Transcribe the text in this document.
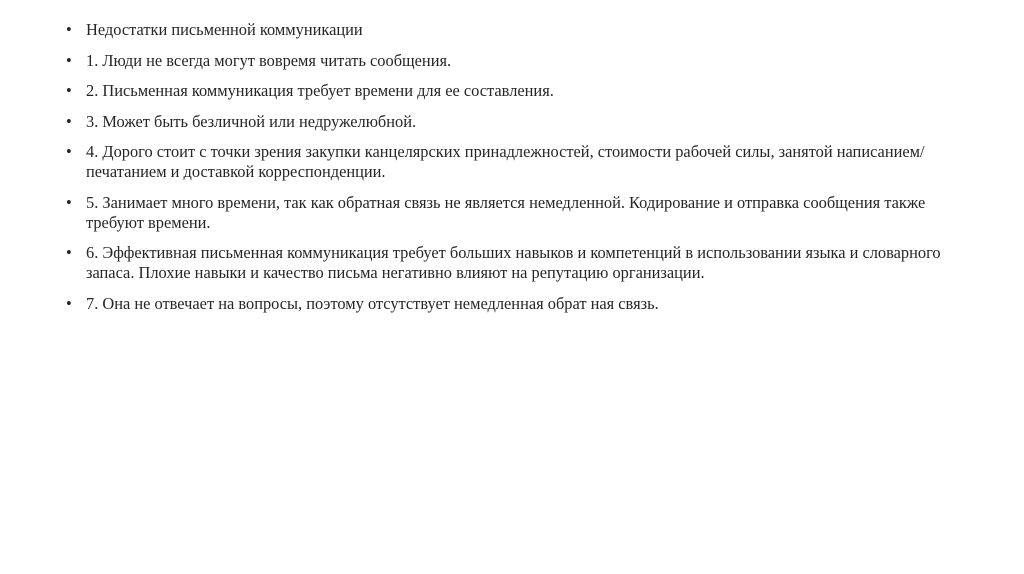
• Недостатки письменной коммуникации
• 1. Люди не всегда могут вовремя читать сообщения.
• 2. Письменная коммуникация требует времени для ее составления.
• 3. Может быть безличной или недружелюбной.
• 4. Дорого стоит с точки зрения закупки канцелярских принадлежностей, стоимости рабочей силы, занятой написанием/печатанием и доставкой корреспонденции.
• 5. Занимает много времени, так как обратная связь не является немедленной. Кодирование и отправка сообщения также требуют времени.
• 6. Эффективная письменная коммуникация требует больших навыков и компетенций в использовании языка и словарного запаса. Плохие навыки и качество письма негативно влияют на репутацию организации.
• 7. Она не отвечает на вопросы, поэтому отсутствует немедленная обрат ная связь.
